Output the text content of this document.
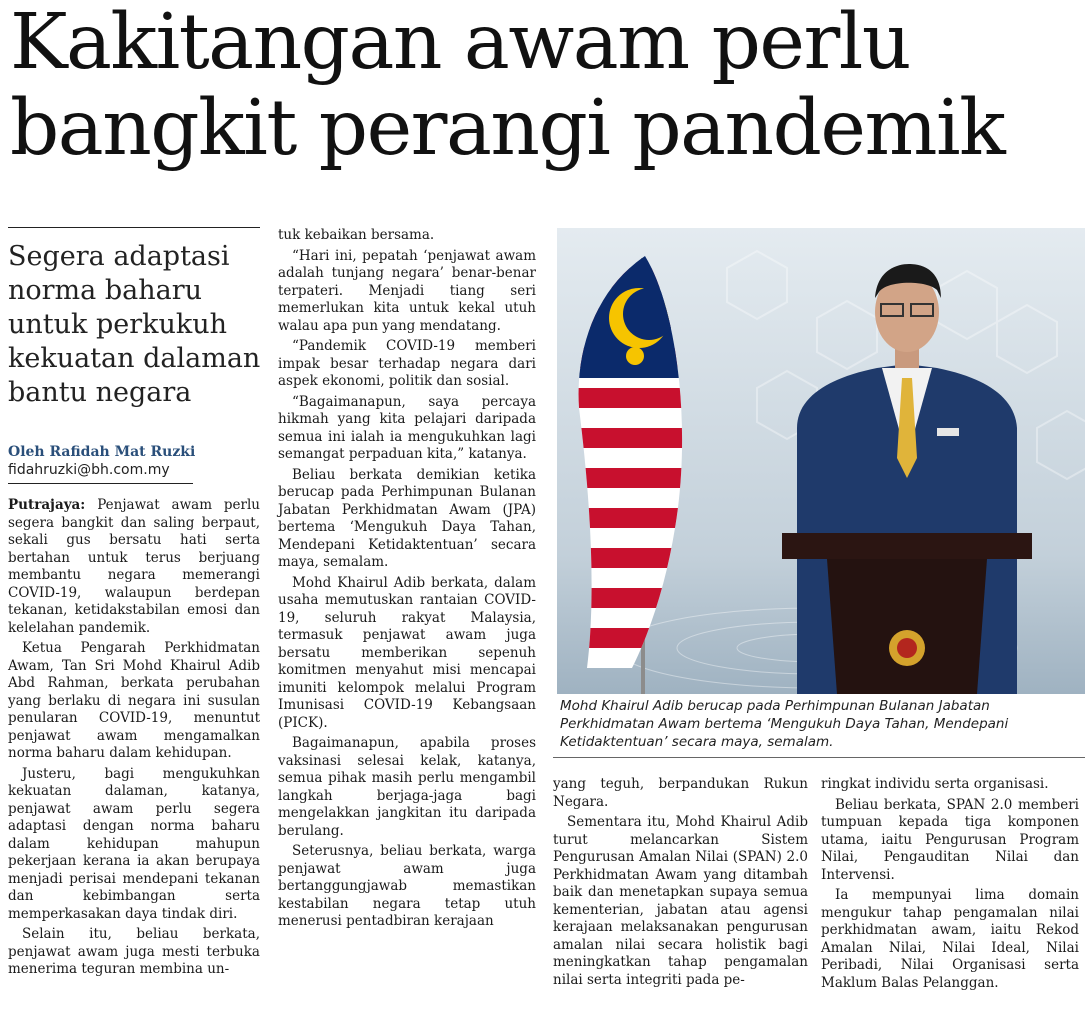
Kakitangan awam perlu
bangkit perangi pandemik
Segera adaptasi norma baharu untuk perkukuh kekuatan dalaman bantu negara
Oleh Rafidah Mat Ruzki
fidahruzki@bh.com.my

Putrajaya: Penjawat awam perlu segera bangkit dan saling berpaut, sekali gus bersatu hati serta bertahan untuk terus berjuang membantu negara memerangi COVID-19, walaupun berdepan tekanan, ketidakstabilan emosi dan kelelahan pandemik.

Ketua Pengarah Perkhidmatan Awam, Tan Sri Mohd Khairul Adib Abd Rahman, berkata perubahan yang berlaku di negara ini susulan penularan COVID-19, menuntut penjawat awam mengamalkan norma baharu dalam kehidupan.

Justeru, bagi mengukuhkan kekuatan dalaman, katanya, penjawat awam perlu segera adaptasi dengan norma baharu dalam kehidupan mahupun pekerjaan kerana ia akan berupaya menjadi perisai mendepani tekanan dan kebimbangan serta memperkasakan daya tindak diri.

Selain itu, beliau berkata, penjawat awam juga mesti terbuka menerima teguran membina un-

tuk kebaikan bersama.

“Hari ini, pepatah ‘penjawat awam adalah tunjang negara’ benar-benar terpateri. Menjadi tiang seri memerlukan kita untuk kekal utuh walau apa pun yang mendatang.

“Pandemik COVID-19 memberi impak besar terhadap negara dari aspek ekonomi, politik dan sosial.

“Bagaimanapun, saya percaya hikmah yang kita pelajari daripada semua ini ialah ia mengukuhkan lagi semangat perpaduan kita,” katanya.

Beliau berkata demikian ketika berucap pada Perhimpunan Bulanan Jabatan Perkhidmatan Awam (JPA) bertema ‘Mengukuh Daya Tahan, Mendepani Ketidaktentuan’ secara maya, semalam.

Mohd Khairul Adib berkata, dalam usaha memutuskan rantaian COVID-19, seluruh rakyat Malaysia, termasuk penjawat awam juga bersatu memberikan sepenuh komitmen menyahut misi mencapai imuniti kelompok melalui Program Imunisasi COVID-19 Kebangsaan (PICK).

Bagaimanapun, apabila proses vaksinasi selesai kelak, katanya, semua pihak masih perlu mengambil langkah berjaga-jaga bagi mengelakkan jangkitan itu daripada berulang.

Seterusnya, beliau berkata, warga penjawat awam juga bertanggungjawab memastikan kestabilan negara tetap utuh menerusi pentadbiran kerajaan

Mohd Khairul Adib berucap pada Perhimpunan Bulanan Jabatan Perkhidmatan Awam bertema ‘Mengukuh Daya Tahan, Mendepani Ketidaktentuan’ secara maya, semalam.

yang teguh, berpandukan Rukun Negara.

Sementara itu, Mohd Khairul Adib turut melancarkan Sistem Pengurusan Amalan Nilai (SPAN) 2.0 Perkhidmatan Awam yang ditambah baik dan menetapkan supaya semua kementerian, jabatan atau agensi kerajaan melaksanakan pengurusan amalan nilai secara holistik bagi meningkatkan tahap pengamalan nilai serta integriti pada pe-

ringkat individu serta organisasi.

Beliau berkata, SPAN 2.0 memberi tumpuan kepada tiga komponen utama, iaitu Pengurusan Program Nilai, Pengauditan Nilai dan Intervensi.

Ia mempunyai lima domain mengukur tahap pengamalan nilai perkhidmatan awam, iaitu Rekod Amalan Nilai, Nilai Ideal, Nilai Peribadi, Nilai Organisasi serta Maklum Balas Pelanggan.
